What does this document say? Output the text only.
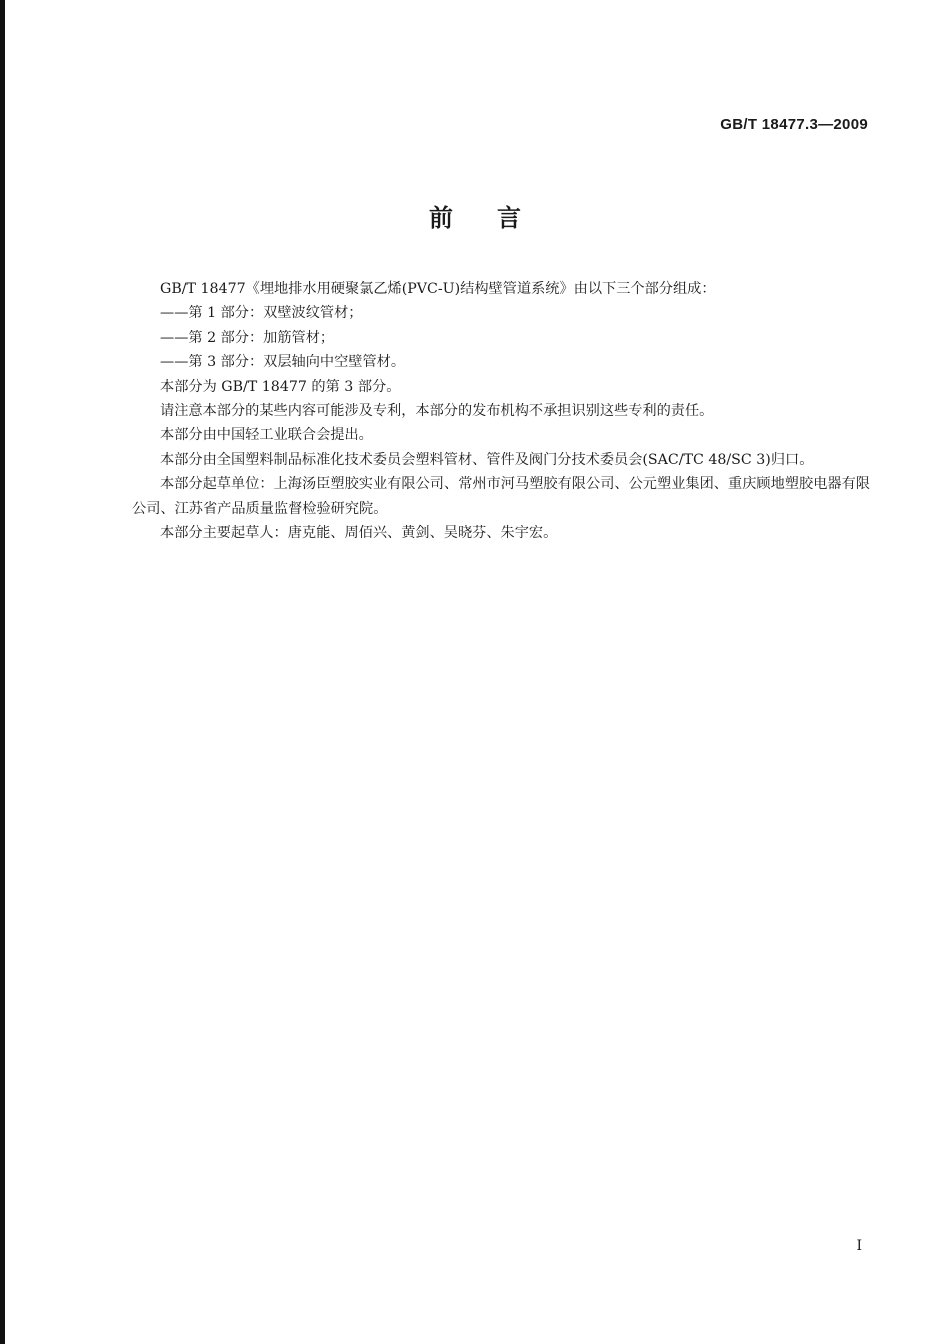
GB/T 18477.3—2009
前言

GB/T 18477《埋地排水用硬聚氯乙烯(PVC-U)结构壁管道系统》由以下三个部分组成：

——第 1 部分：双壁波纹管材；

——第 2 部分：加筋管材；

——第 3 部分：双层轴向中空壁管材。

本部分为 GB/T 18477 的第 3 部分。

请注意本部分的某些内容可能涉及专利，本部分的发布机构不承担识别这些专利的责任。

本部分由中国轻工业联合会提出。

本部分由全国塑料制品标准化技术委员会塑料管材、管件及阀门分技术委员会(SAC/TC 48/SC 3)归口。

本部分起草单位：上海汤臣塑胶实业有限公司、常州市河马塑胶有限公司、公元塑业集团、重庆顾地塑胶电器有限公司、江苏省产品质量监督检验研究院。

本部分主要起草人：唐克能、周佰兴、黄剑、吴晓芬、朱宇宏。

I
